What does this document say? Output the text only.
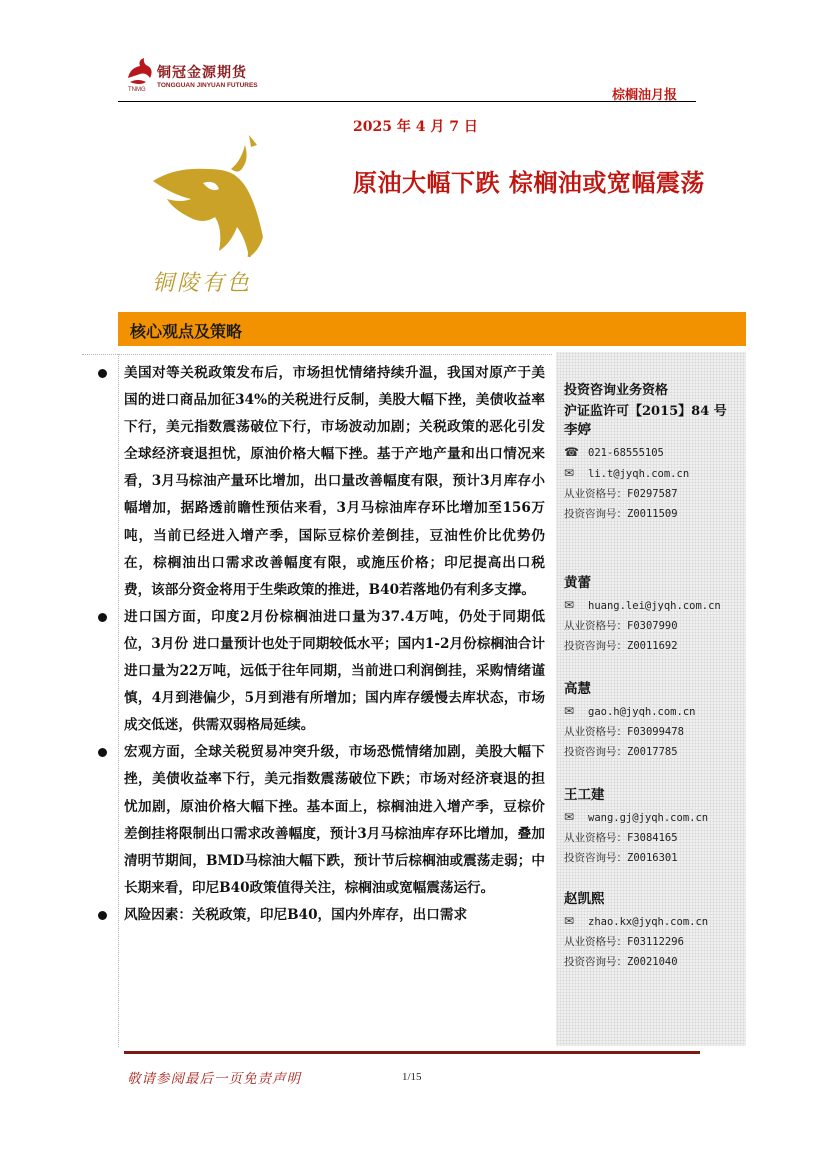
铜冠金源期货
TONGGUAN JINYUAN FUTURES
TNMG	棕榈油月报
2025 年 4 月 7 日
原油大幅下跌 棕榈油或宽幅震荡
铜陵有色
核心观点及策略

美国对等关税政策发布后，市场担忧情绪持续升温，我国对原产于美国的进口商品加征34%的关税进行反制，美股大幅下挫，美债收益率下行，美元指数震荡破位下行，市场波动加剧；关税政策的恶化引发全球经济衰退担忧，原油价格大幅下挫。基于产地产量和出口情况来看，3月马棕油产量环比增加，出口量改善幅度有限，预计3月库存小幅增加，据路透前瞻性预估来看，3月马棕油库存环比增加至156万吨，当前已经进入增产季，国际豆棕价差倒挂，豆油性价比优势仍在，棕榈油出口需求改善幅度有限，或施压价格；印尼提高出口税费，该部分资金将用于生柴政策的推进，B40若落地仍有利多支撑。

进口国方面，印度2月份棕榈油进口量为37.4万吨，仍处于同期低位，3月份 进口量预计也处于同期较低水平；国内1-2月份棕榈油合计进口量为22万吨，远低于往年同期，当前进口利润倒挂，采购情绪谨慎，4月到港偏少，5月到港有所增加；国内库存缓慢去库状态，市场成交低迷，供需双弱格局延续。

宏观方面，全球关税贸易冲突升级，市场恐慌情绪加剧，美股大幅下挫，美债收益率下行，美元指数震荡破位下跌；市场对经济衰退的担忧加剧，原油价格大幅下挫。基本面上，棕榈油进入增产季，豆棕价差倒挂将限制出口需求改善幅度，预计3月马棕油库存环比增加，叠加清明节期间，BMD马棕油大幅下跌，预计节后棕榈油或震荡走弱；中长期来看，印尼B40政策值得关注，棕榈油或宽幅震荡运行。

风险因素：关税政策，印尼B40，国内外库存，出口需求

投资咨询业务资格
沪证监许可【2015】84 号
李婷
☎ 021-68555105
✉ li.t@jyqh.com.cn
从业资格号：F0297587
投资咨询号：Z0011509
黄蕾
✉ huang.lei@jyqh.com.cn
从业资格号：F0307990
投资咨询号：Z0011692
高慧
✉ gao.h@jyqh.com.cn
从业资格号：F03099478
投资咨询号：Z0017785
王工建
✉ wang.gj@jyqh.com.cn
从业资格号：F3084165
投资咨询号：Z0016301
赵凯熙
✉ zhao.kx@jyqh.com.cn
从业资格号：F03112296
投资咨询号：Z0021040
敬请参阅最后一页免责声明	1/15
